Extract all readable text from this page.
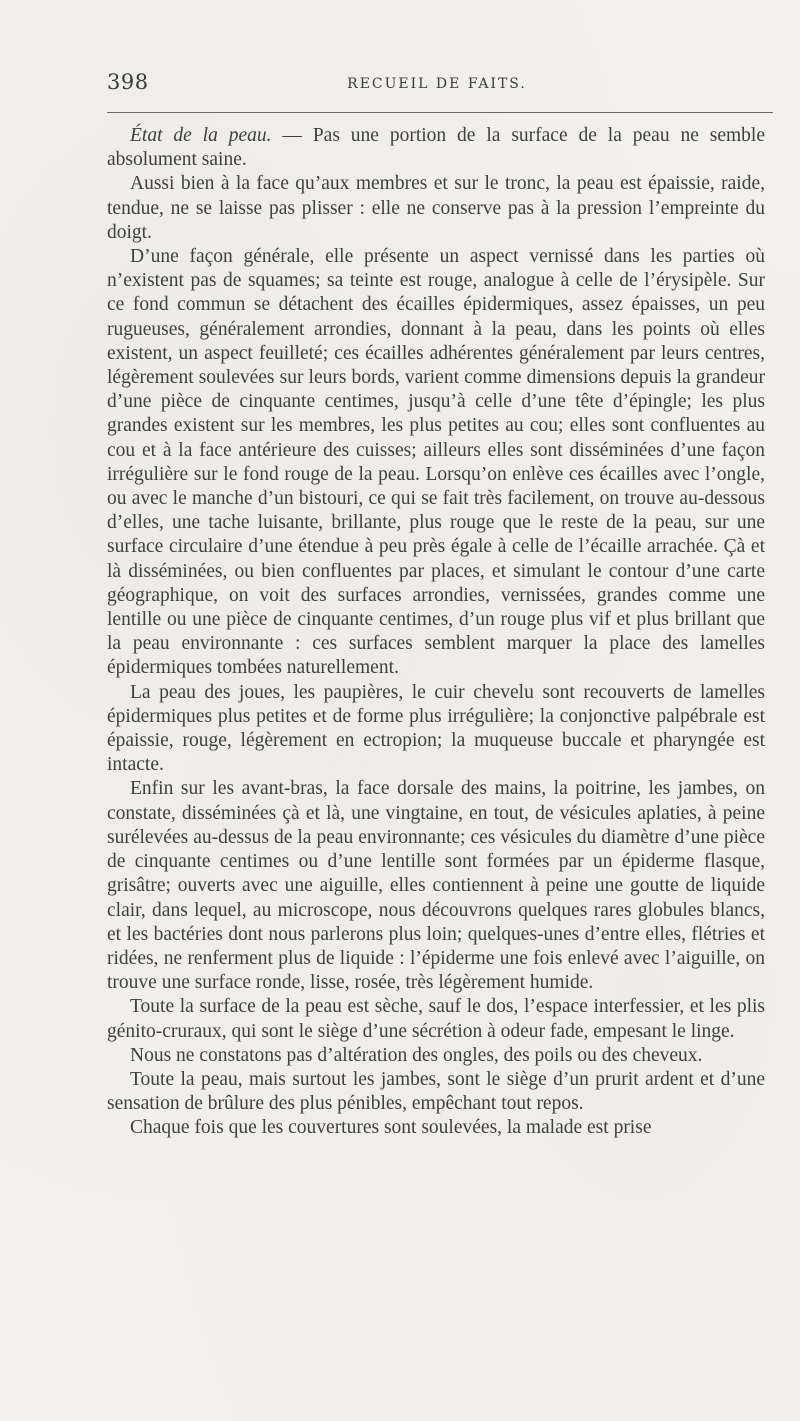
398	RECUEIL DE FAITS.

État de la peau. — Pas une portion de la surface de la peau ne semble absolument saine.

Aussi bien à la face qu’aux membres et sur le tronc, la peau est épaissie, raide, tendue, ne se laisse pas plisser : elle ne conserve pas à la pression l’empreinte du doigt.

D’une façon générale, elle présente un aspect vernissé dans les parties où n’existent pas de squames; sa teinte est rouge, analogue à celle de l’érysipèle. Sur ce fond commun se détachent des écailles épidermiques, assez épaisses, un peu rugueuses, généralement arrondies, donnant à la peau, dans les points où elles existent, un aspect feuilleté; ces écailles adhérentes généralement par leurs centres, légèrement soulevées sur leurs bords, varient comme dimensions depuis la grandeur d’une pièce de cinquante centimes, jusqu’à celle d’une tête d’épingle; les plus grandes existent sur les membres, les plus petites au cou; elles sont confluentes au cou et à la face antérieure des cuisses; ailleurs elles sont disséminées d’une façon irrégulière sur le fond rouge de la peau. Lorsqu’on enlève ces écailles avec l’ongle, ou avec le manche d’un bistouri, ce qui se fait très facilement, on trouve au-dessous d’elles, une tache luisante, brillante, plus rouge que le reste de la peau, sur une surface circulaire d’une étendue à peu près égale à celle de l’écaille arrachée. Çà et là disséminées, ou bien confluentes par places, et simulant le contour d’une carte géographique, on voit des surfaces arrondies, vernissées, grandes comme une lentille ou une pièce de cinquante centimes, d’un rouge plus vif et plus brillant que la peau environnante : ces surfaces semblent marquer la place des lamelles épidermiques tombées naturellement.

La peau des joues, les paupières, le cuir chevelu sont recouverts de lamelles épidermiques plus petites et de forme plus irrégulière; la conjonctive palpébrale est épaissie, rouge, légèrement en ectropion; la muqueuse buccale et pharyngée est intacte.

Enfin sur les avant-bras, la face dorsale des mains, la poitrine, les jambes, on constate, disséminées çà et là, une vingtaine, en tout, de vésicules aplaties, à peine surélevées au-dessus de la peau environnante; ces vésicules du diamètre d’une pièce de cinquante centimes ou d’une lentille sont formées par un épiderme flasque, grisâtre; ouverts avec une aiguille, elles contiennent à peine une goutte de liquide clair, dans lequel, au microscope, nous découvrons quelques rares globules blancs, et les bactéries dont nous parlerons plus loin; quelques-unes d’entre elles, flétries et ridées, ne renferment plus de liquide : l’épiderme une fois enlevé avec l’aiguille, on trouve une surface ronde, lisse, rosée, très légèrement humide.

Toute la surface de la peau est sèche, sauf le dos, l’espace interfessier, et les plis génito-cruraux, qui sont le siège d’une sécrétion à odeur fade, empesant le linge.

Nous ne constatons pas d’altération des ongles, des poils ou des cheveux.

Toute la peau, mais surtout les jambes, sont le siège d’un prurit ardent et d’une sensation de brûlure des plus pénibles, empêchant tout repos.

Chaque fois que les couvertures sont soulevées, la malade est prise
